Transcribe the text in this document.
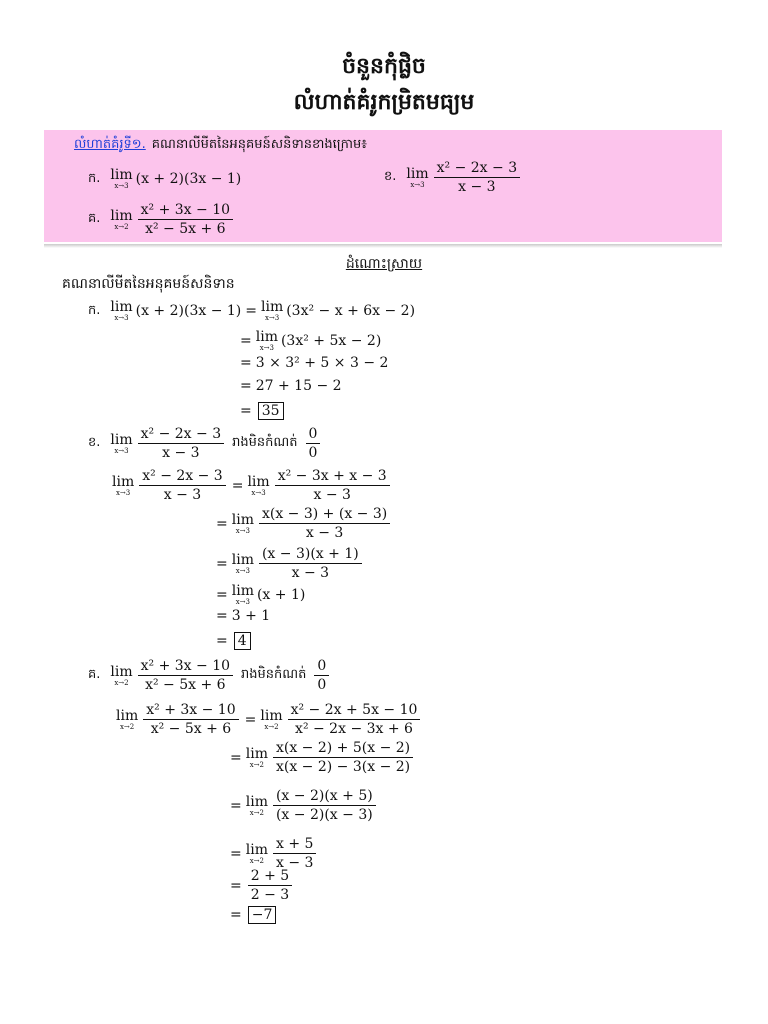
ចំនួនកុំផ្លិច
លំហាត់គំរូកម្រិតមធ្យម
លំហាត់គំរូទី១. គណនាលីមីតនៃអនុគមន៍សនិទានខាងក្រោម៖
ក. lim
x→3 (x + 2)(3x − 1)	ខ. lim
$x\to 3 \frac{\text{x² − 2x − 3}}{x - 3}$
គ. lim
$x\to 2 \frac{\text{x² + 3x − 10}}{\text{x² − 5x + 6}}$
ដំណោះស្រាយ
គណនាលីមីតនៃអនុគមន៍សនិទាន
ក. lim
x→3 (x + 2)(3x − 1) = lim
x→3 (3x² − x + 6x − 2)
= lim
x→3 (3x² + 5x − 2)
= 3 × 3² + 5 × 3 − 2
= 27 + 15 − 2
= 35
ខ. lim
$x\to 3 \frac{\text{x² − 2x − 3}}{x - 3}$ រាងមិនកំណត់ $\frac{0}{0}$
lim
$x\to 3 \frac{\text{x² − 2x − 3}}{x - 3} = \lim$
$x\to 3 \frac{\text{x² − 3x + x − 3}}{x - 3}$
= lim
$x\to 3 \frac{x(x - 3) + (x - 3)}{x - 3}$
= lim
$x\to 3 \frac{(x - 3)(x + 1)}{x - 3}$
= lim
x→3 (x + 1)
= 3 + 1
= 4
គ. lim
$x\to 2 \frac{\text{x² + 3x − 10}}{\text{x² − 5x + 6}}$ រាងមិនកំណត់ $\frac{0}{0}$
lim
$x\to 2 \frac{\text{x² + 3x − 10}}{\text{x² − 5x + 6}} = \lim$
$x\to 2 \frac{\text{x² − 2x + 5x − 10}}{\text{x² − 2x − 3x + 6}}$
= lim
$x\to 2 \frac{x(x - 2) + 5(x - 2)}{x(x - 2) - 3(x - 2)}$
= lim
$x\to 2 \frac{(x - 2)(x + 5)}{(x - 2)(x - 3)}$
= lim
$x\to 2 \frac{x + 5}{x - 3}$
= $\frac{2 + 5}{2 - 3}$
= −7
